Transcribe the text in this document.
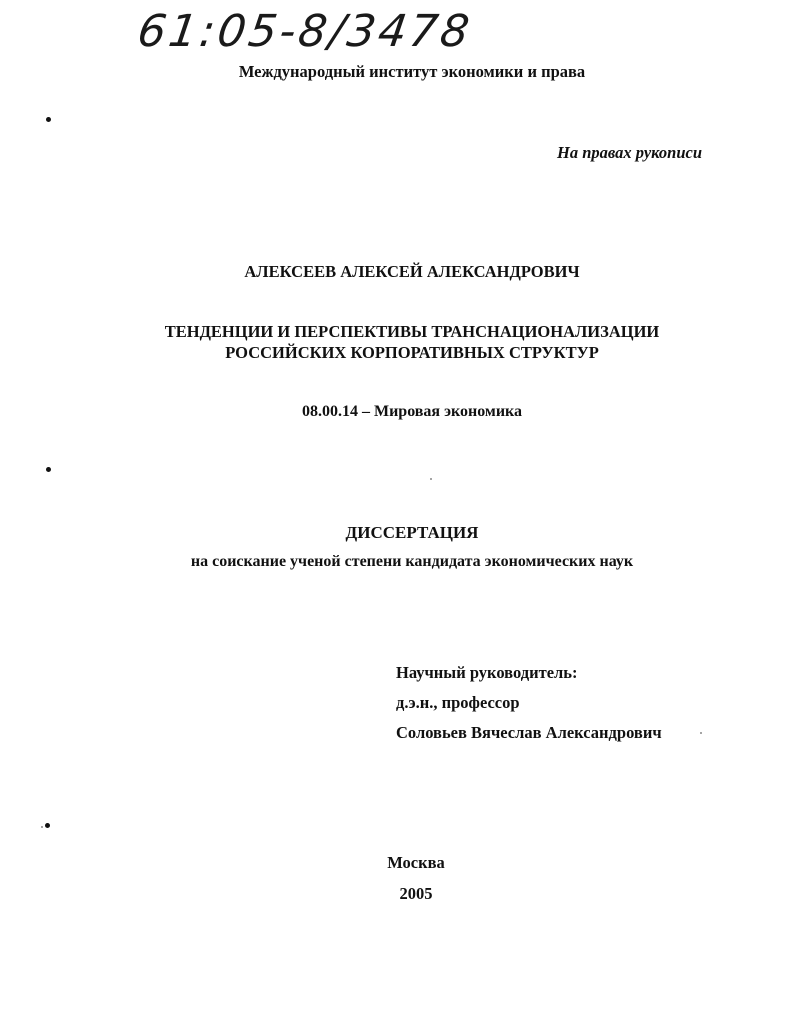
61:05-8/3478
Международный институт экономики и права
На правах рукописи
АЛЕКСЕЕВ АЛЕКСЕЙ АЛЕКСАНДРОВИЧ
ТЕНДЕНЦИИ И ПЕРСПЕКТИВЫ ТРАНСНАЦИОНАЛИЗАЦИИ
РОССИЙСКИХ КОРПОРАТИВНЫХ СТРУКТУР
08.00.14 – Мировая экономика
ДИССЕРТАЦИЯ
на соискание ученой степени кандидата экономических наук
Научный руководитель:
д.э.н., профессор
Соловьев Вячеслав Александрович
Москва
2005
